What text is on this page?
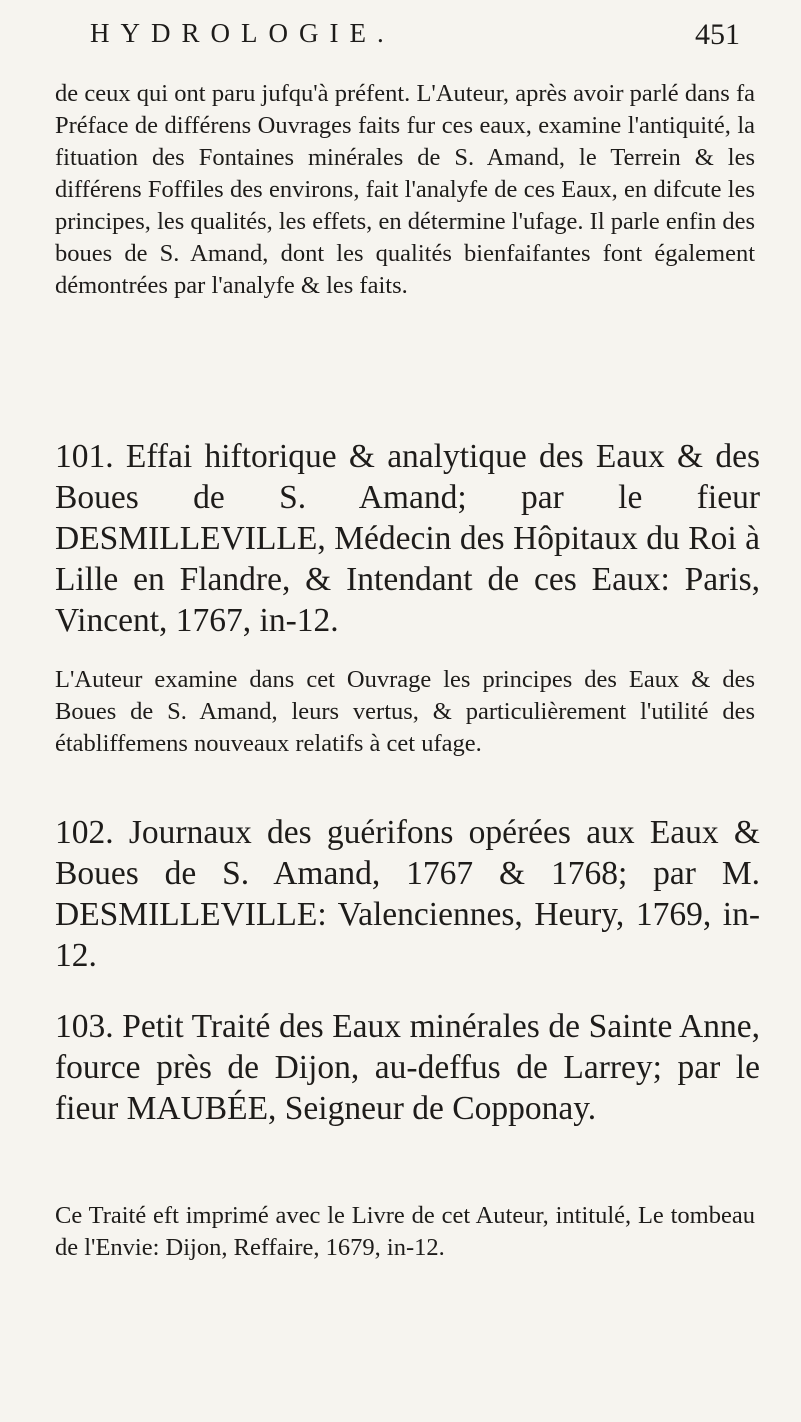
HYDROLOGIE.	451

de ceux qui ont paru jufqu'à préfent. L'Auteur, après avoir parlé dans fa Préface de différens Ouvrages faits fur ces eaux, examine l'antiquité, la fituation des Fontaines minérales de S. Amand, le Terrein & les différens Foffiles des environs, fait l'analyfe de ces Eaux, en difcute les principes, les qualités, les effets, en détermine l'ufage. Il parle enfin des boues de S. Amand, dont les qualités bienfaifantes font également démontrées par l'analyfe & les faits.

101. Effai hiftorique & analytique des Eaux & des Boues de S. Amand; par le fieur DESMILLEVILLE, Médecin des Hôpitaux du Roi à Lille en Flandre, & Intendant de ces Eaux: Paris, Vincent, 1767, in-12.

L'Auteur examine dans cet Ouvrage les principes des Eaux & des Boues de S. Amand, leurs vertus, & particulièrement l'utilité des établiffemens nouveaux relatifs à cet ufage.

102. Journaux des guérifons opérées aux Eaux & Boues de S. Amand, 1767 & 1768; par M. DESMILLEVILLE: Valenciennes, Heury, 1769, in-12.

103. Petit Traité des Eaux minérales de Sainte Anne, fource près de Dijon, au-deffus de Larrey; par le fieur MAUBÉE, Seigneur de Copponay.

Ce Traité eft imprimé avec le Livre de cet Auteur, intitulé, Le tombeau de l'Envie: Dijon, Reffaire, 1679, in-12.
